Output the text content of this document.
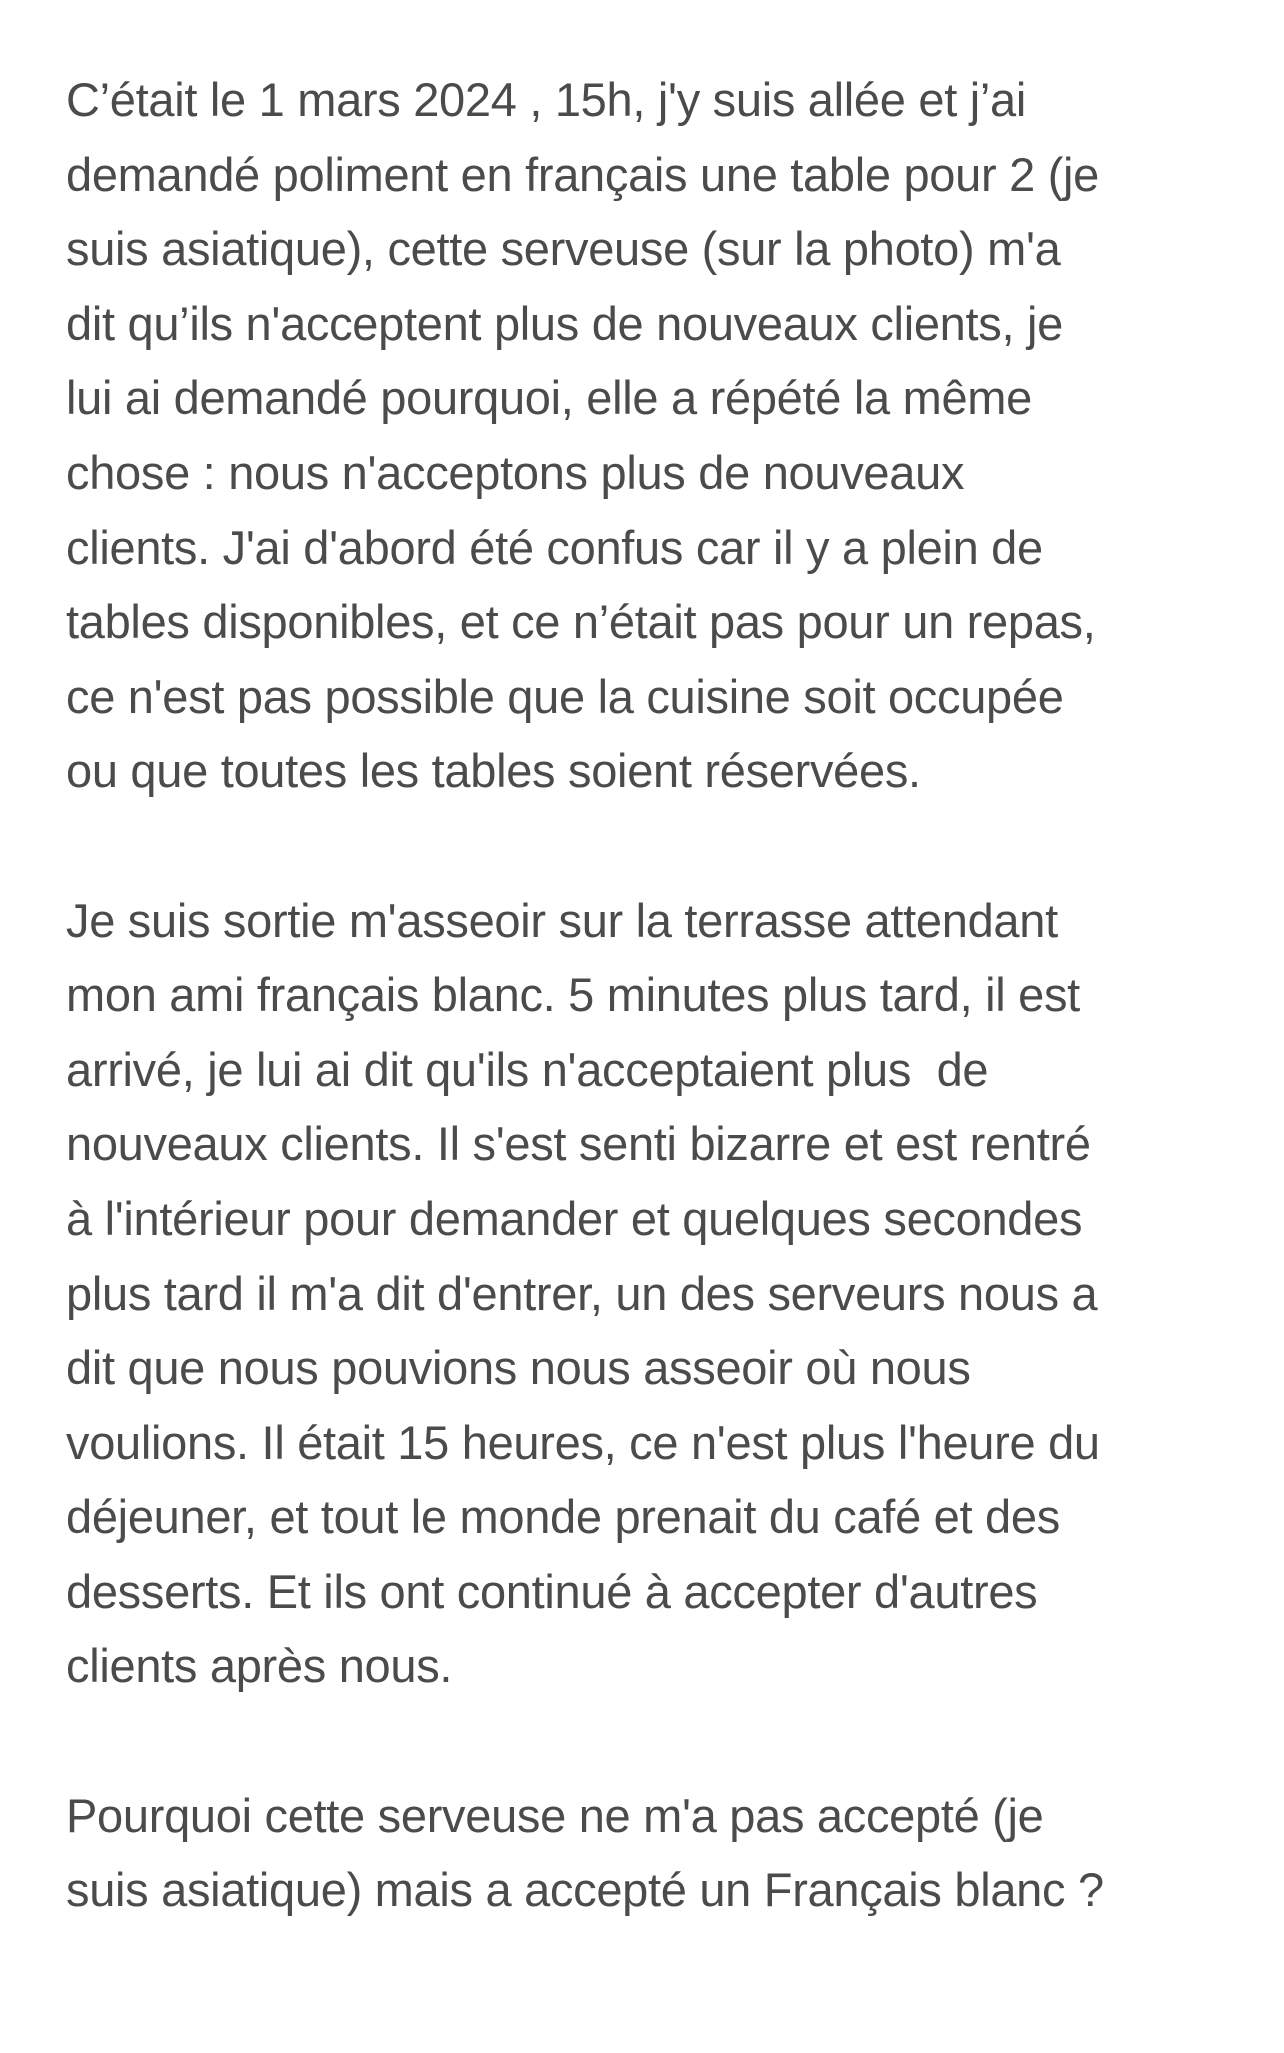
C’était le 1 mars 2024 , 15h, j'y suis allée et j’ai
demandé poliment en français une table pour 2 (je
suis asiatique), cette serveuse (sur la photo) m'a
dit qu’ils n'acceptent plus de nouveaux clients, je
lui ai demandé pourquoi, elle a répété la même
chose : nous n'acceptons plus de nouveaux
clients. J'ai d'abord été confus car il y a plein de
tables disponibles, et ce n’était pas pour un repas,
ce n'est pas possible que la cuisine soit occupée
ou que toutes les tables soient réservées.

Je suis sortie m'asseoir sur la terrasse attendant
mon ami français blanc. 5 minutes plus tard, il est
arrivé, je lui ai dit qu'ils n'acceptaient plus  de
nouveaux clients. Il s'est senti bizarre et est rentré
à l'intérieur pour demander et quelques secondes
plus tard il m'a dit d'entrer, un des serveurs nous a
dit que nous pouvions nous asseoir où nous
voulions. Il était 15 heures, ce n'est plus l'heure du
déjeuner, et tout le monde prenait du café et des
desserts. Et ils ont continué à accepter d'autres
clients après nous.

Pourquoi cette serveuse ne m'a pas accepté (je
suis asiatique) mais a accepté un Français blanc ?
